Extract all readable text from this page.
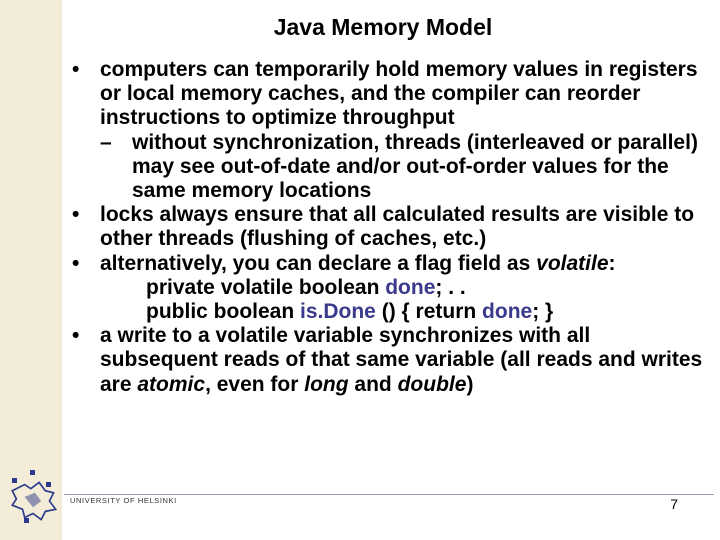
Java Memory Model
• computers can temporarily hold memory values in registers or local memory caches, and the compiler can reorder instructions to optimize throughput
– without synchronization, threads (interleaved or parallel) may see out-of-date and/or out-of-order values for the same memory locations
• locks always ensure that all calculated results are visible to other threads (flushing of caches, etc.)
• alternatively, you can declare a flag field as volatile:
private volatile boolean done; . .
public boolean is.Done () { return done; }
• a write to a volatile variable synchronizes with all subsequent reads of that same variable (all reads and writes are atomic, even for long and double)
UNIVERSITY OF HELSINKI	7
